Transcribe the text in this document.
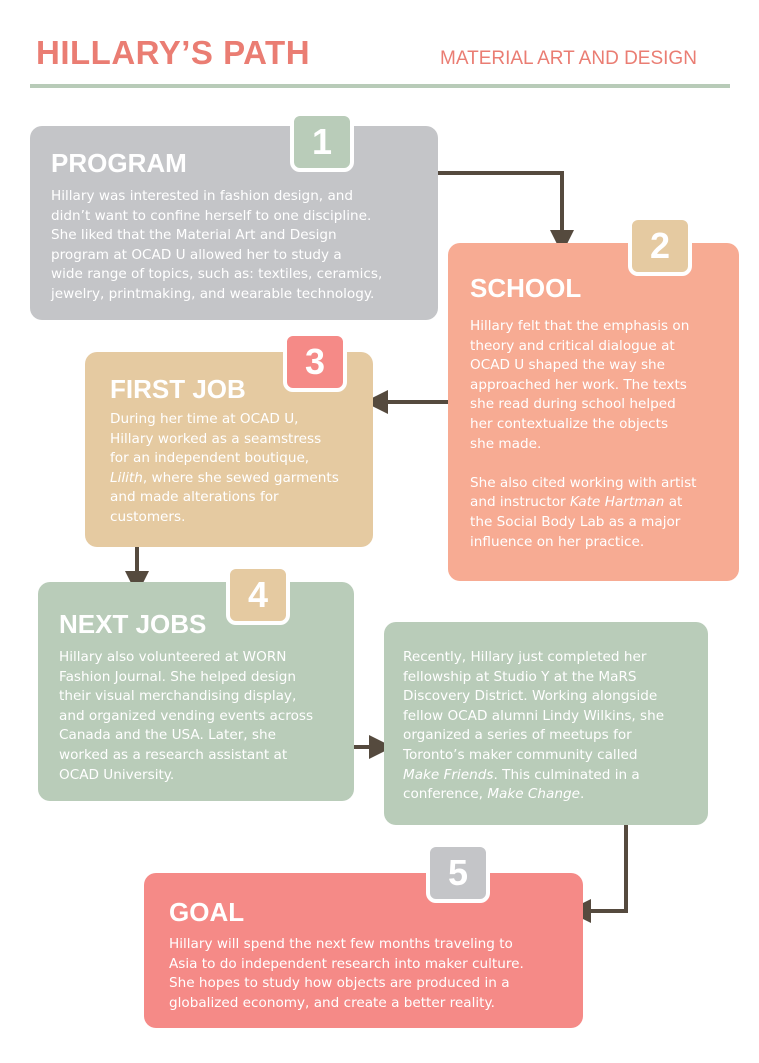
HILLARY’S PATH	MATERIAL ART AND DESIGN
PROGRAM

Hillary was interested in fashion design, and
didn’t want to confine herself to one discipline.
She liked that the Material Art and Design
program at OCAD U allowed her to study a
wide range of topics, such as: textiles, ceramics,
jewelry, printmaking, and wearable technology.

1
SCHOOL

Hillary felt that the emphasis on
theory and critical dialogue at
OCAD U shaped the way she
approached her work. The texts
she read during school helped
her contextualize the objects
she made.

She also cited working with artist
and instructor Kate Hartman at
the Social Body Lab as a major
influence on her practice.

2
FIRST JOB

During her time at OCAD U,
Hillary worked as a seamstress
for an independent boutique,
Lilith, where she sewed garments
and made alterations for
customers.

3
NEXT JOBS

Hillary also volunteered at WORN
Fashion Journal. She helped design
their visual merchandising display,
and organized vending events across
Canada and the USA. Later, she
worked as a research assistant at
OCAD University.

4

Recently, Hillary just completed her
fellowship at Studio Y at the MaRS
Discovery District. Working alongside
fellow OCAD alumni Lindy Wilkins, she
organized a series of meetups for
Toronto’s maker community called
Make Friends. This culminated in a
conference, Make Change.

GOAL

Hillary will spend the next few months traveling to
Asia to do independent research into maker culture.
She hopes to study how objects are produced in a
globalized economy, and create a better reality.

5
